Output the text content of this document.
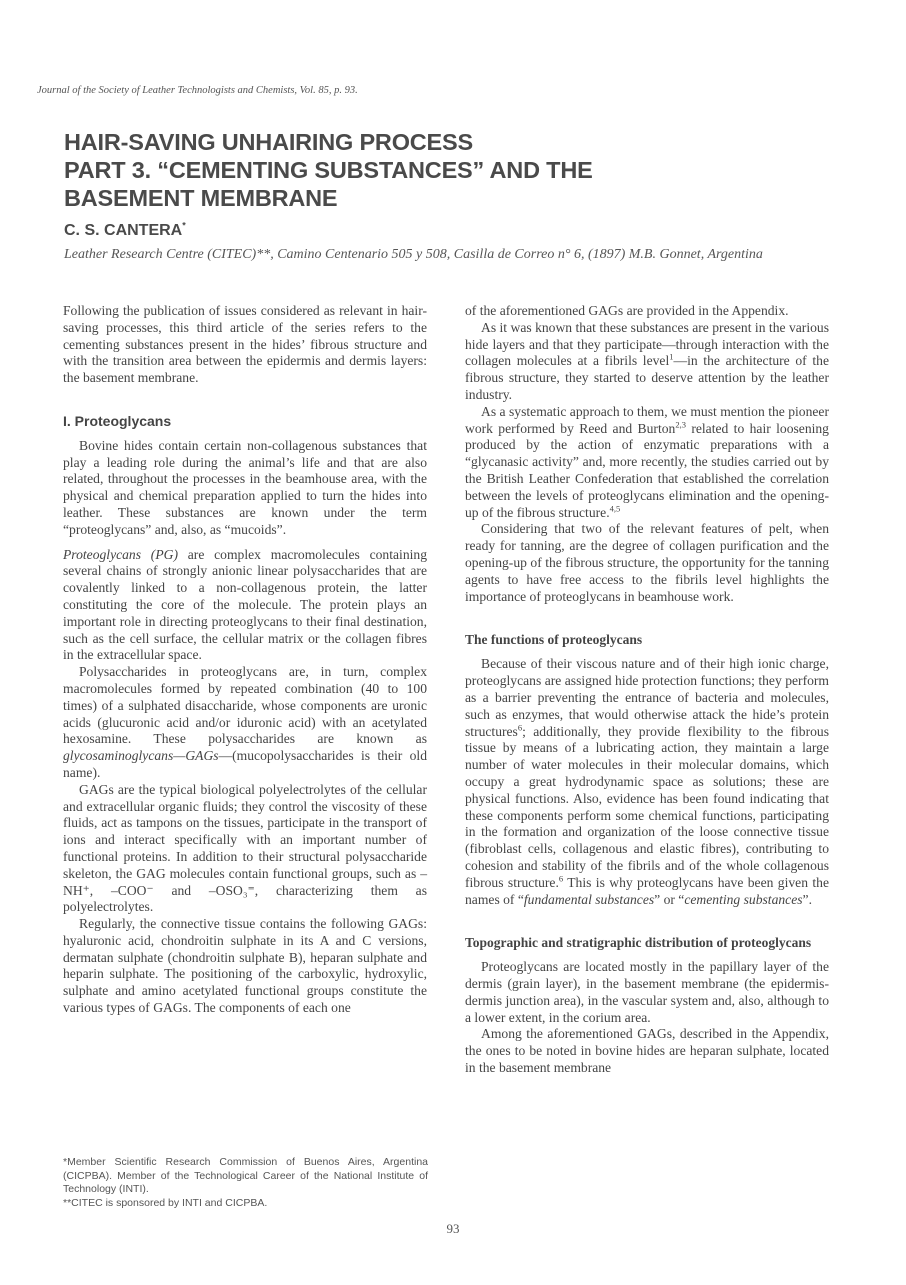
Journal of the Society of Leather Technologists and Chemists, Vol. 85, p. 93.
HAIR-SAVING UNHAIRING PROCESS
PART 3. “CEMENTING SUBSTANCES” AND THE
BASEMENT MEMBRANE
C. S. CANTERA*
Leather Research Centre (CITEC)**, Camino Centenario 505 y 508, Casilla de Correo n° 6, (1897) M.B. Gonnet, Argentina

Following the publication of issues considered as relevant in hair-saving processes, this third article of the series refers to the cementing substances present in the hides’ fibrous structure and with the transition area between the epidermis and dermis layers: the basement membrane.

I. Proteoglycans

Bovine hides contain certain non-collagenous substances that play a leading role during the animal’s life and that are also related, throughout the processes in the beamhouse area, with the physical and chemical preparation applied to turn the hides into leather. These substances are known under the term “proteoglycans” and, also, as “mucoids”.

Proteoglycans (PG) are complex macromolecules containing several chains of strongly anionic linear polysaccharides that are covalently linked to a non-collagenous protein, the latter constituting the core of the molecule. The protein plays an important role in directing proteoglycans to their final destination, such as the cell surface, the cellular matrix or the collagen fibres in the extracellular space.

Polysaccharides in proteoglycans are, in turn, complex macromolecules formed by repeated combination (40 to 100 times) of a sulphated disaccharide, whose components are uronic acids (glucuronic acid and/or iduronic acid) with an acetylated hexosamine. These polysaccharides are known as glycosaminoglycans—GAGs—(mucopolysaccharides is their old name).

GAGs are the typical biological polyelectrolytes of the cellular and extracellular organic fluids; they control the viscosity of these fluids, act as tampons on the tissues, participate in the transport of ions and interact specifically with an important number of functional proteins. In addition to their structural polysaccharide skeleton, the GAG molecules contain functional groups, such as –NH⁺, –COO⁻ and –OSO₃⁼, characterizing them as polyelectrolytes.

Regularly, the connective tissue contains the following GAGs: hyaluronic acid, chondroitin sulphate in its A and C versions, dermatan sulphate (chondroitin sulphate B), heparan sulphate and heparin sulphate. The positioning of the carboxylic, hydroxylic, sulphate and amino acetylated functional groups constitute the various types of GAGs. The components of each one

of the aforementioned GAGs are provided in the Appendix.

As it was known that these substances are present in the various hide layers and that they participate—through interaction with the collagen molecules at a fibrils level$^1$—in the architecture of the fibrous structure, they started to deserve attention by the leather industry.

As a systematic approach to them, we must mention the pioneer work performed by Reed and Burton$^{2,3}$ related to hair loosening produced by the action of enzymatic preparations with a “glycanasic activity” and, more recently, the studies carried out by the British Leather Confederation that established the correlation between the levels of proteoglycans elimination and the opening-up of the fibrous structure.$^{4,5}$

Considering that two of the relevant features of pelt, when ready for tanning, are the degree of collagen purification and the opening-up of the fibrous structure, the opportunity for the tanning agents to have free access to the fibrils level highlights the importance of proteoglycans in beamhouse work.

The functions of proteoglycans

Because of their viscous nature and of their high ionic charge, proteoglycans are assigned hide protection functions; they perform as a barrier preventing the entrance of bacteria and molecules, such as enzymes, that would otherwise attack the hide’s protein structures$^6$; additionally, they provide flexibility to the fibrous tissue by means of a lubricating action, they maintain a large number of water molecules in their molecular domains, which occupy a great hydrodynamic space as solutions; these are physical functions. Also, evidence has been found indicating that these components perform some chemical functions, participating in the formation and organization of the loose connective tissue (fibroblast cells, collagenous and elastic fibres), contributing to cohesion and stability of the fibrils and of the whole collagenous fibrous structure.$^6$ This is why proteoglycans have been given the names of “fundamental substances” or “cementing substances”.

Topographic and stratigraphic distribution of proteoglycans

Proteoglycans are located mostly in the papillary layer of the dermis (grain layer), in the basement membrane (the epidermis-dermis junction area), in the vascular system and, also, although to a lower extent, in the corium area.

Among the aforementioned GAGs, described in the Appendix, the ones to be noted in bovine hides are heparan sulphate, located in the basement membrane

*Member Scientific Research Commission of Buenos Aires, Argentina (CICPBA). Member of the Technological Career of the National Institute of Technology (INTI).
**CITEC is sponsored by INTI and CICPBA.
93
